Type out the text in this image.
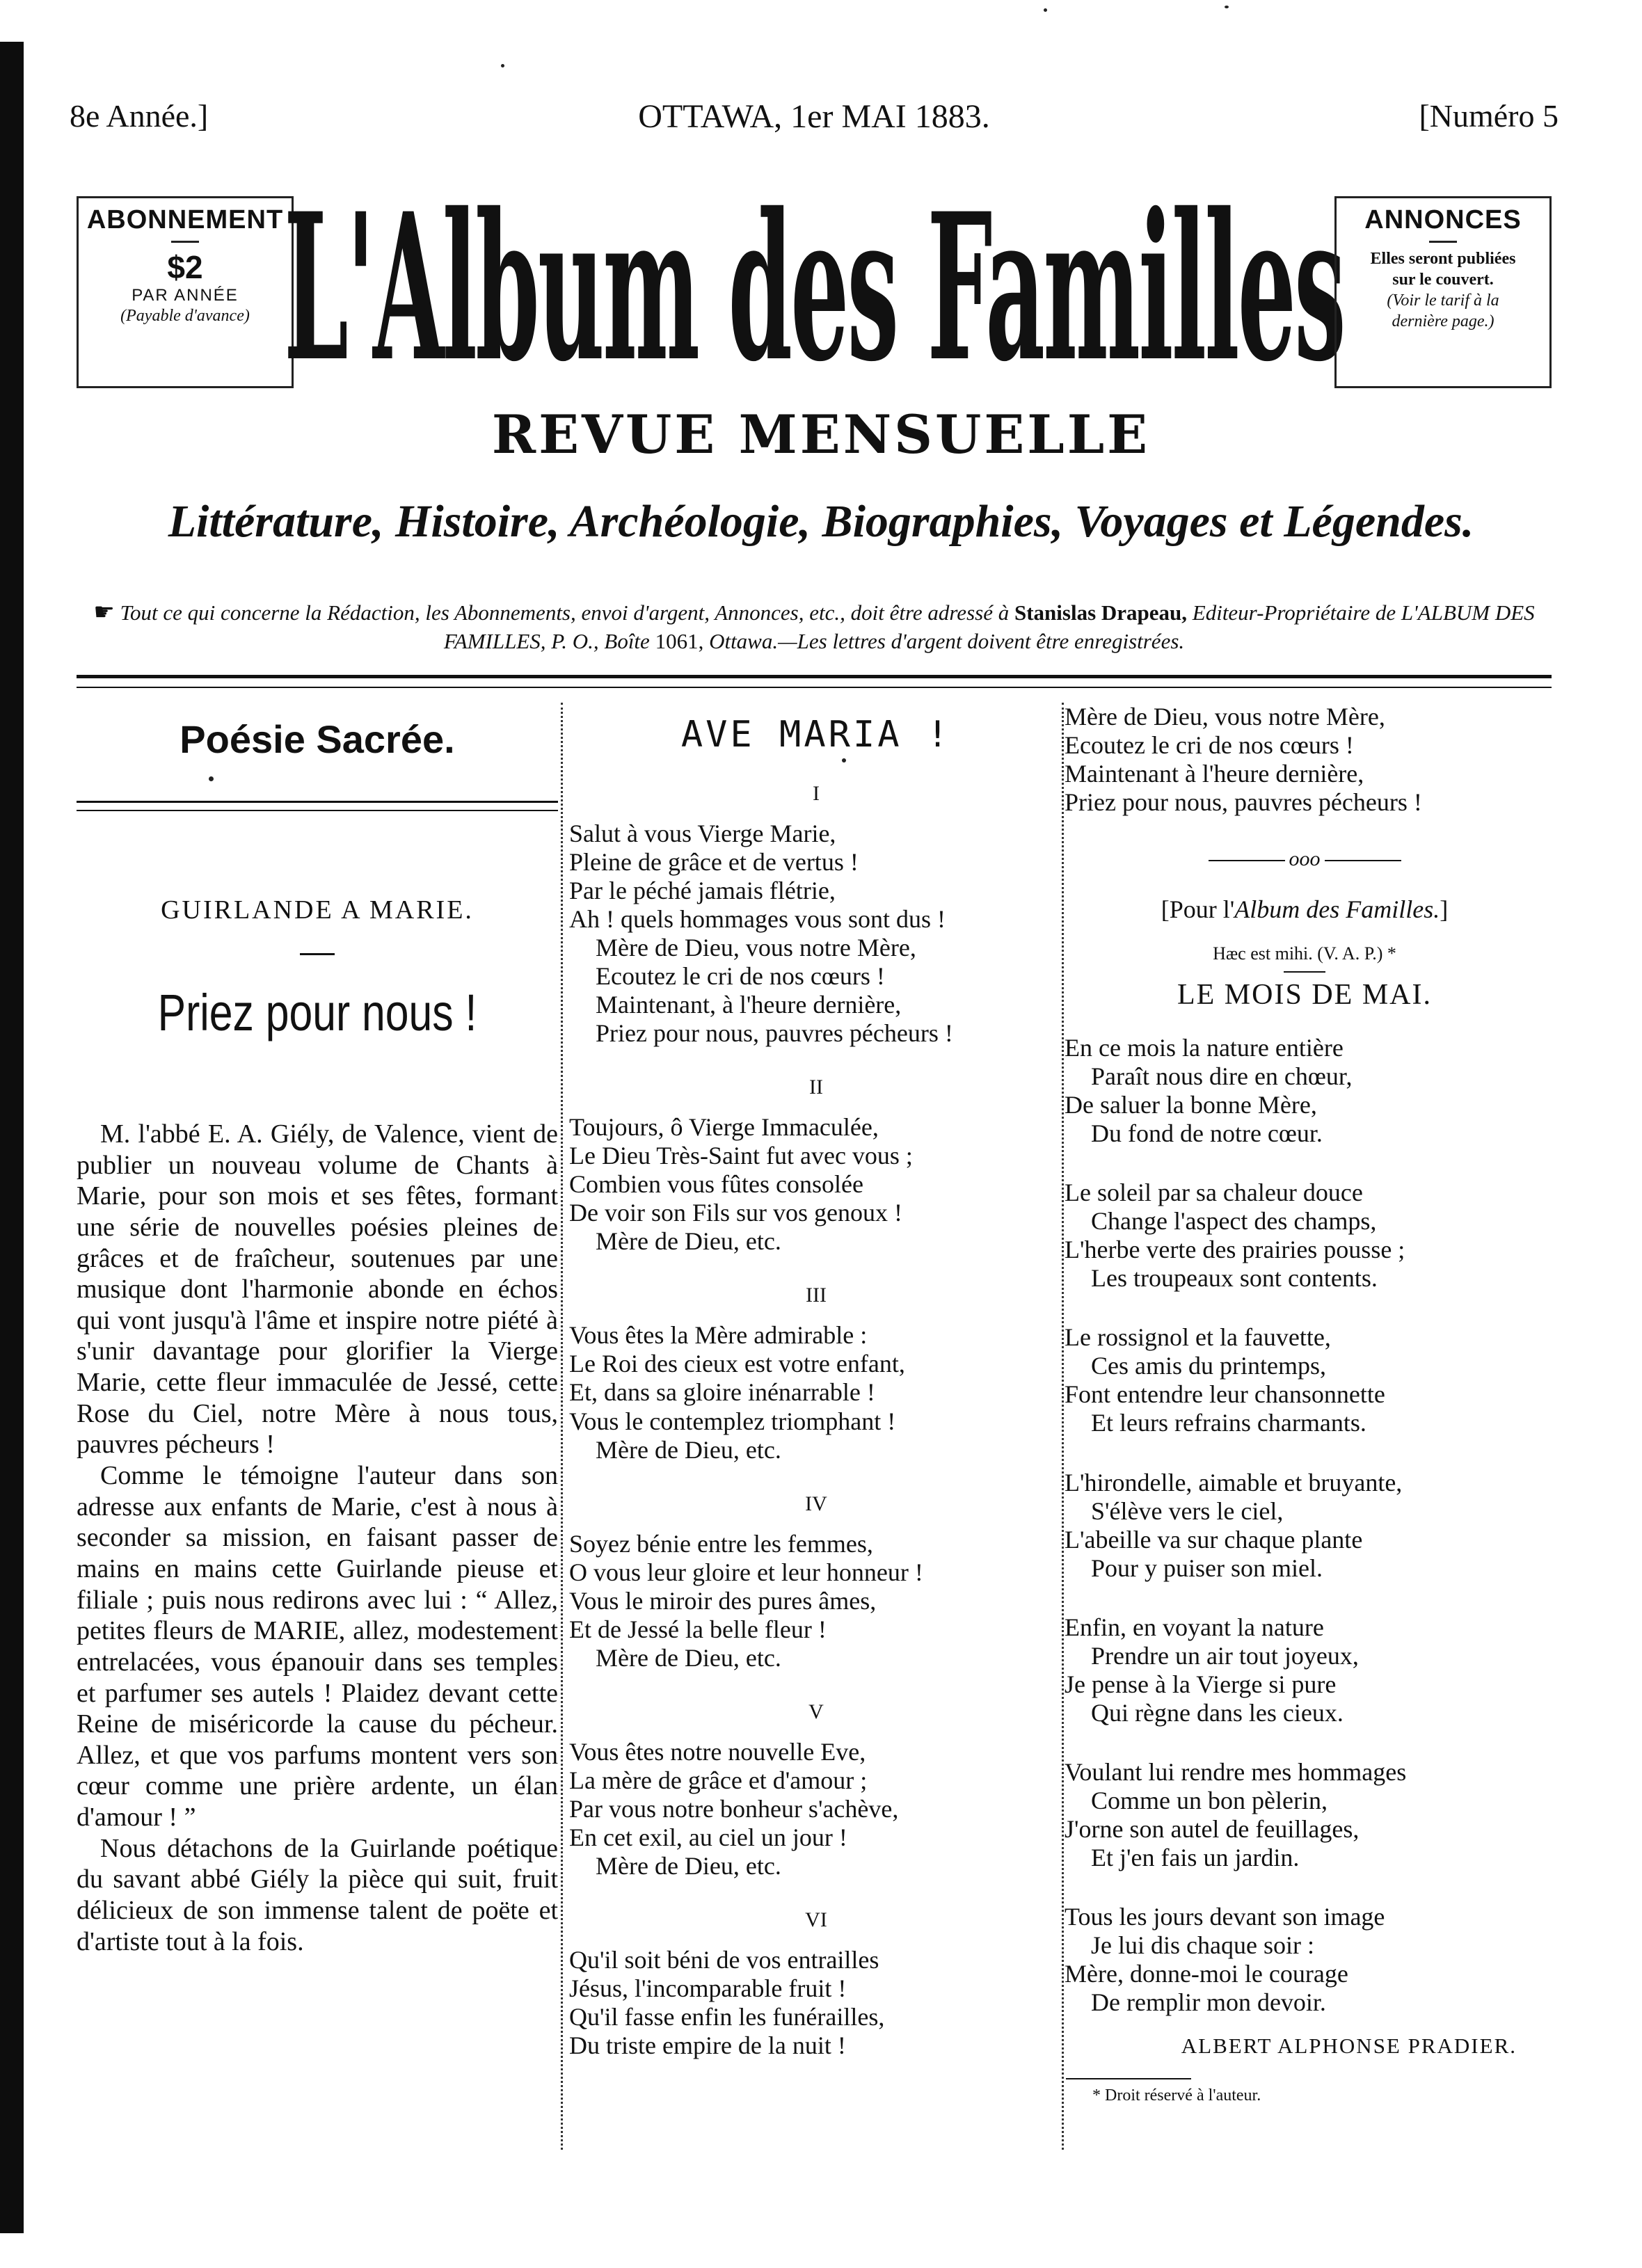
8e Année.]	OTTAWA, 1er MAI 1883.	[Numéro 5
ABONNEMENT
$2
PAR ANNÉE
(Payable d'avance) L'Album des Familles ANNONCES
Elles seront publiées
sur le couvert.
(Voir le tarif à la
dernière page.)
REVUE MENSUELLE
Littérature, Histoire, Archéologie, Biographies, Voyages et Légendes.
☛ Tout ce qui concerne la Rédaction, les Abonnements, envoi d'argent, Annonces, etc., doit être adressé à Stanislas Drapeau, Editeur-Propriétaire de L'ALBUM DES FAMILLES, P. O., Boîte 1061, Ottawa.—Les lettres d'argent doivent être enregistrées.
Poésie Sacrée.
GUIRLANDE A MARIE.
Priez pour nous !

M. l'abbé E. A. Giély, de Valence, vient de publier un nouveau volume de Chants à Marie, pour son mois et ses fêtes, formant une série de nouvelles poésies pleines de grâces et de fraîcheur, soutenues par une musique dont l'harmonie abonde en échos qui vont jusqu'à l'âme et inspire notre piété à s'unir davantage pour glorifier la Vierge Marie, cette fleur immaculée de Jessé, cette Rose du Ciel, notre Mère à nous tous, pauvres pécheurs !

Comme le témoigne l'auteur dans son adresse aux enfants de Marie, c'est à nous à seconder sa mission, en faisant passer de mains en mains cette Guirlande pieuse et filiale ; puis nous redirons avec lui : “ Allez, petites fleurs de MARIE, allez, modestement entrelacées, vous épanouir dans ses temples et parfumer ses autels ! Plaidez devant cette Reine de miséricorde la cause du pécheur. Allez, et que vos parfums montent vers son cœur comme une prière ardente, un élan d'amour ! ”

Nous détachons de la Guirlande poétique du savant abbé Giély la pièce qui suit, fruit délicieux de son immense talent de poëte et d'artiste tout à la fois.

AVE MARIA !
I
Salut à vous Vierge Marie,
Pleine de grâce et de vertus !
Par le péché jamais flétrie,
Ah ! quels hommages vous sont dus !
Mère de Dieu, vous notre Mère,
Ecoutez le cri de nos cœurs !
Maintenant, à l'heure dernière,
Priez pour nous, pauvres pécheurs !
II
Toujours, ô Vierge Immaculée,
Le Dieu Très-Saint fut avec vous ;
Combien vous fûtes consolée
De voir son Fils sur vos genoux !
Mère de Dieu, etc.
III
Vous êtes la Mère admirable :
Le Roi des cieux est votre enfant,
Et, dans sa gloire inénarrable !
Vous le contemplez triomphant !
Mère de Dieu, etc.
IV
Soyez bénie entre les femmes,
O vous leur gloire et leur honneur !
Vous le miroir des pures âmes,
Et de Jessé la belle fleur !
Mère de Dieu, etc.
V
Vous êtes notre nouvelle Eve,
La mère de grâce et d'amour ;
Par vous notre bonheur s'achève,
En cet exil, au ciel un jour !
Mère de Dieu, etc.
VI
Qu'il soit béni de vos entrailles
Jésus, l'incomparable fruit !
Qu'il fasse enfin les funérailles,
Du triste empire de la nuit !
Mère de Dieu, vous notre Mère,
Ecoutez le cri de nos cœurs !
Maintenant à l'heure dernière,
Priez pour nous, pauvres pécheurs !
ooo
[Pour l'Album des Familles.]
Hæc est mihi. (V. A. P.) *
LE MOIS DE MAI.
En ce mois la nature entière
Paraît nous dire en chœur,
De saluer la bonne Mère,
Du fond de notre cœur.
Le soleil par sa chaleur douce
Change l'aspect des champs,
L'herbe verte des prairies pousse ;
Les troupeaux sont contents.
Le rossignol et la fauvette,
Ces amis du printemps,
Font entendre leur chansonnette
Et leurs refrains charmants.
L'hirondelle, aimable et bruyante,
S'élève vers le ciel,
L'abeille va sur chaque plante
Pour y puiser son miel.
Enfin, en voyant la nature
Prendre un air tout joyeux,
Je pense à la Vierge si pure
Qui règne dans les cieux.
Voulant lui rendre mes hommages
Comme un bon pèlerin,
J'orne son autel de feuillages,
Et j'en fais un jardin.
Tous les jours devant son image
Je lui dis chaque soir :
Mère, donne-moi le courage
De remplir mon devoir.
ALBERT ALPHONSE PRADIER.
* Droit réservé à l'auteur.
